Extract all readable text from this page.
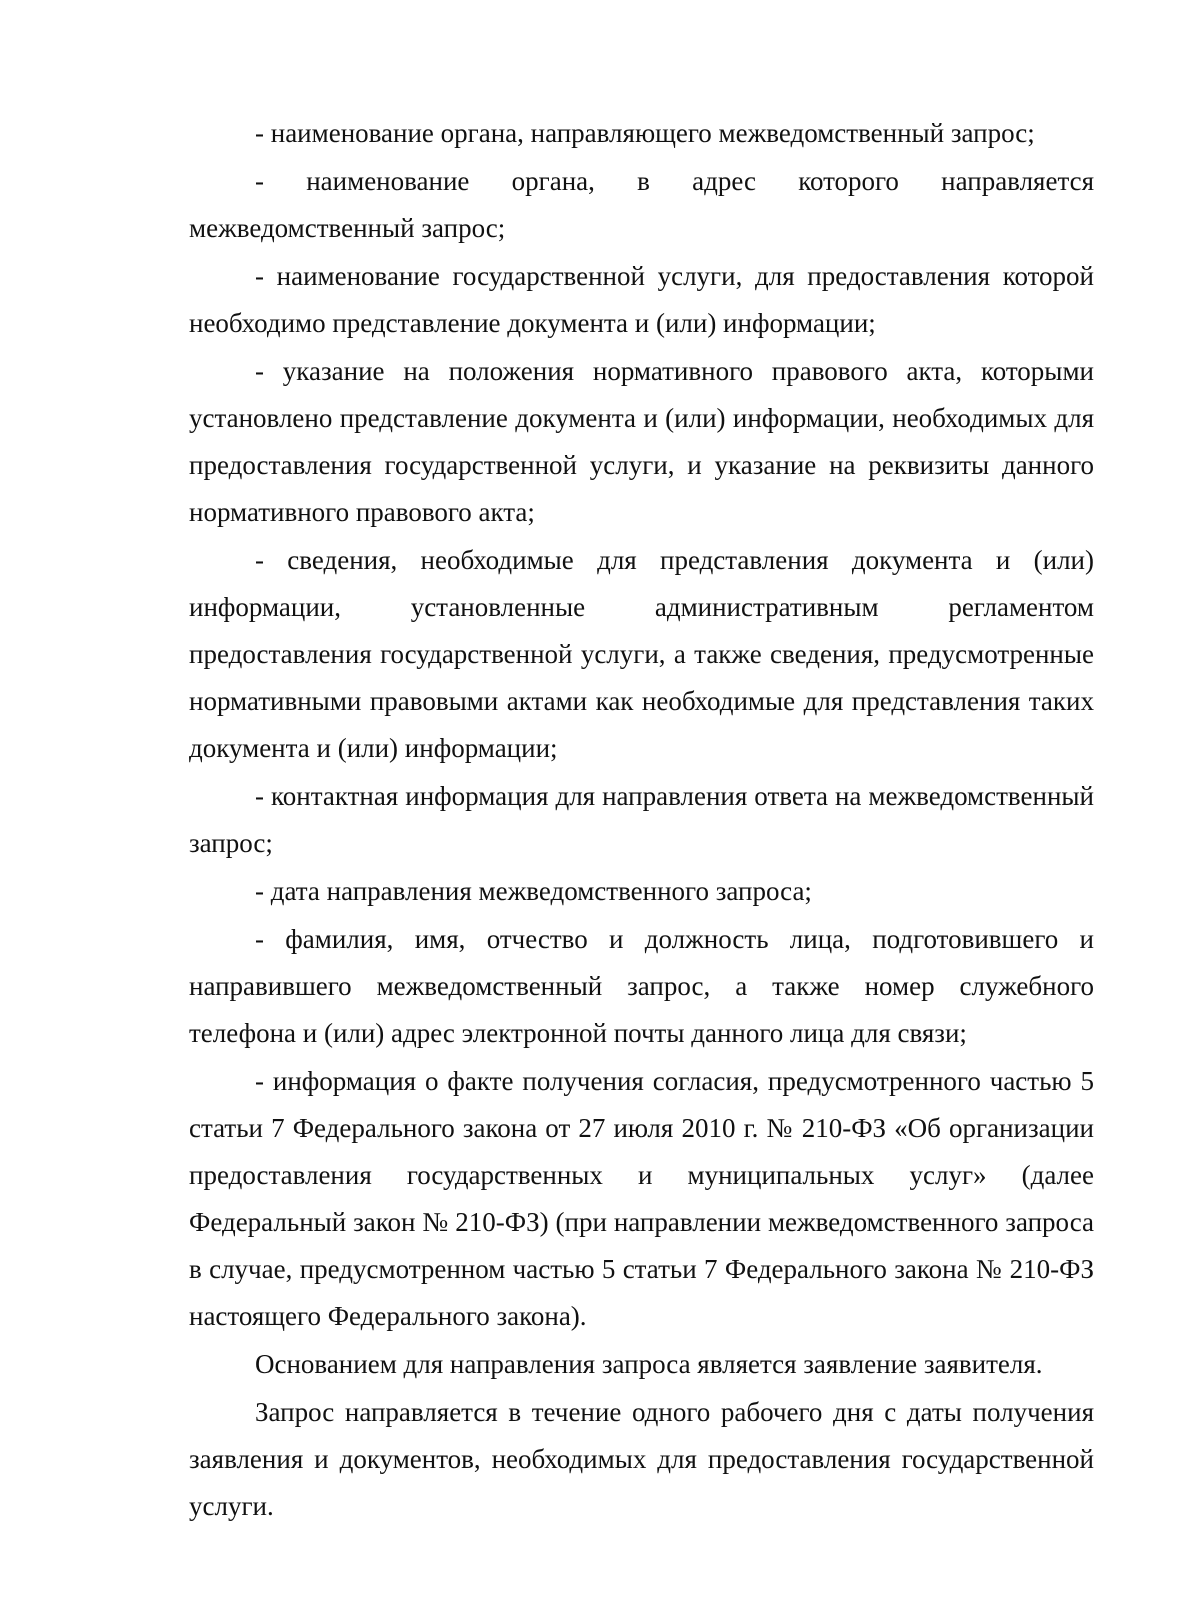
- наименование органа, направляющего межведомственный запрос;

- наименование органа, в адрес которого направляется межведомственный запрос;

- наименование государственной услуги, для предоставления которой необходимо представление документа и (или) информации;

- указание на положения нормативного правового акта, которыми установлено представление документа и (или) информации, необходимых для предоставления государственной услуги, и указание на реквизиты данного нормативного правового акта;

- сведения, необходимые для представления документа и (или) информации, установленные административным регламентом предоставления государственной услуги, а также сведения, предусмотренные нормативными правовыми актами как необходимые для представления таких документа и (или) информации;

- контактная информация для направления ответа на межведомственный запрос;

- дата направления межведомственного запроса;

- фамилия, имя, отчество и должность лица, подготовившего и направившего межведомственный запрос, а также номер служебного телефона и (или) адрес электронной почты данного лица для связи;

- информация о факте получения согласия, предусмотренного частью 5 статьи 7 Федерального закона от 27 июля 2010 г. № 210-ФЗ «Об организации предоставления государственных и муниципальных услуг» (далее Федеральный закон № 210-ФЗ) (при направлении межведомственного запроса в случае, предусмотренном частью 5 статьи 7 Федерального закона № 210-ФЗ настоящего Федерального закона).

Основанием для направления запроса является заявление заявителя.

Запрос направляется в течение одного рабочего дня с даты получения заявления и документов, необходимых для предоставления государственной услуги.
